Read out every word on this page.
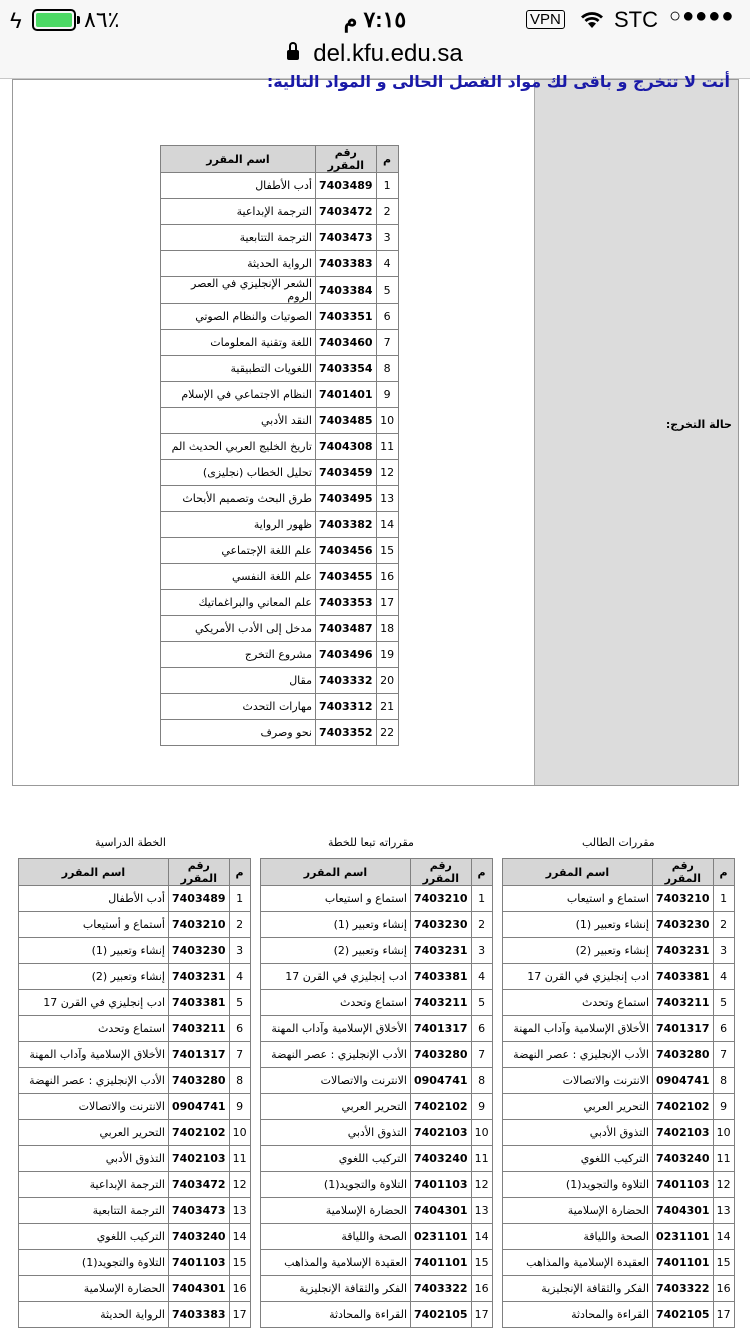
ϟ	٨٦٪	٧:١٥ م	VPN STC ○●●●●
del.kfu.edu.sa
حالة التخرج:
أنت لا تتخرج و باقى لك مواد الفصل الحالى و المواد التالية:
م	رقم المقرر	اسم المقرر
1	7403489	أدب الأطفال
2	7403472	الترجمة الإبداعية
3	7403473	الترجمة التتابعية
4	7403383	الرواية الحديثة
5	7403384	الشعر الإنجليزي في العصر الروم
6	7403351	الصوتيات والنظام الصوتي
7	7403460	اللغة وتقنية المعلومات
8	7403354	اللغويات التطبيقية
9	7401401	النظام الاجتماعي في الإسلام
10	7403485	النقد الأدبي
11	7404308	تاريخ الخليج العربي الحديث الم
12	7403459	تحليل الخطاب (نجليزى)
13	7403495	طرق البحث وتصميم الأبحاث
14	7403382	ظهور الرواية
15	7403456	علم اللغة الإجتماعي
16	7403455	علم اللغة النفسي
17	7403353	علم المعاني والبراغماتيك
18	7403487	مدخل إلى الأدب الأمريكي
19	7403496	مشروع التخرج
20	7403332	مقال
21	7403312	مهارات التحدث
22	7403352	نحو وصرف
مقررات الطالب
مقرراته تبعا للخطة
الخطة الدراسية
م	رقم المقرر	اسم المقرر
1	7403210	استماع و استيعاب
2	7403230	إنشاء وتعبير (1)
3	7403231	إنشاء وتعبير (2)
4	7403381	ادب إنجليزي في القرن 17
5	7403211	استماع وتحدث
6	7401317	الأخلاق الإسلامية وآداب المهنة
7	7403280	الأدب الإنجليزي : عصر النهضة
8	0904741	الانترنت والاتصالات
9	7402102	التحرير العربي
10	7402103	التذوق الأدبي
11	7403240	التركيب اللغوي
12	7401103	التلاوة والتجويد(1)
13	7404301	الحضارة الإسلامية
14	0231101	الصحة واللياقة
15	7401101	العقيدة الإسلامية والمذاهب
16	7403322	الفكر والثقافة الإنجليزية
17	7402105	القراءة والمحادثة
م	رقم المقرر	اسم المقرر
1	7403210	استماع و استيعاب
2	7403230	إنشاء وتعبير (1)
3	7403231	إنشاء وتعبير (2)
4	7403381	ادب إنجليزي في القرن 17
5	7403211	استماع وتحدث
6	7401317	الأخلاق الإسلامية وآداب المهنة
7	7403280	الأدب الإنجليزي : عصر النهضة
8	0904741	الانترنت والاتصالات
9	7402102	التحرير العربي
10	7402103	التذوق الأدبي
11	7403240	التركيب اللغوي
12	7401103	التلاوة والتجويد(1)
13	7404301	الحضارة الإسلامية
14	0231101	الصحة واللياقة
15	7401101	العقيدة الإسلامية والمذاهب
16	7403322	الفكر والثقافة الإنجليزية
17	7402105	القراءة والمحادثة
م	رقم المقرر	اسم المقرر
1	7403489	أدب الأطفال
2	7403210	أستماع و أستيعاب
3	7403230	إنشاء وتعبير (1)
4	7403231	إنشاء وتعبير (2)
5	7403381	ادب إنجليزي في القرن 17
6	7403211	استماع وتحدث
7	7401317	الأخلاق الإسلامية وآداب المهنة
8	7403280	الأدب الإنجليزي : عصر النهضة
9	0904741	الانترنت والاتصالات
10	7402102	التحرير العربي
11	7402103	التذوق الأدبي
12	7403472	الترجمة الإبداعية
13	7403473	الترجمة التتابعية
14	7403240	التركيب اللغوي
15	7401103	التلاوة والتجويد(1)
16	7404301	الحضارة الإسلامية
17	7403383	الرواية الحديثة
